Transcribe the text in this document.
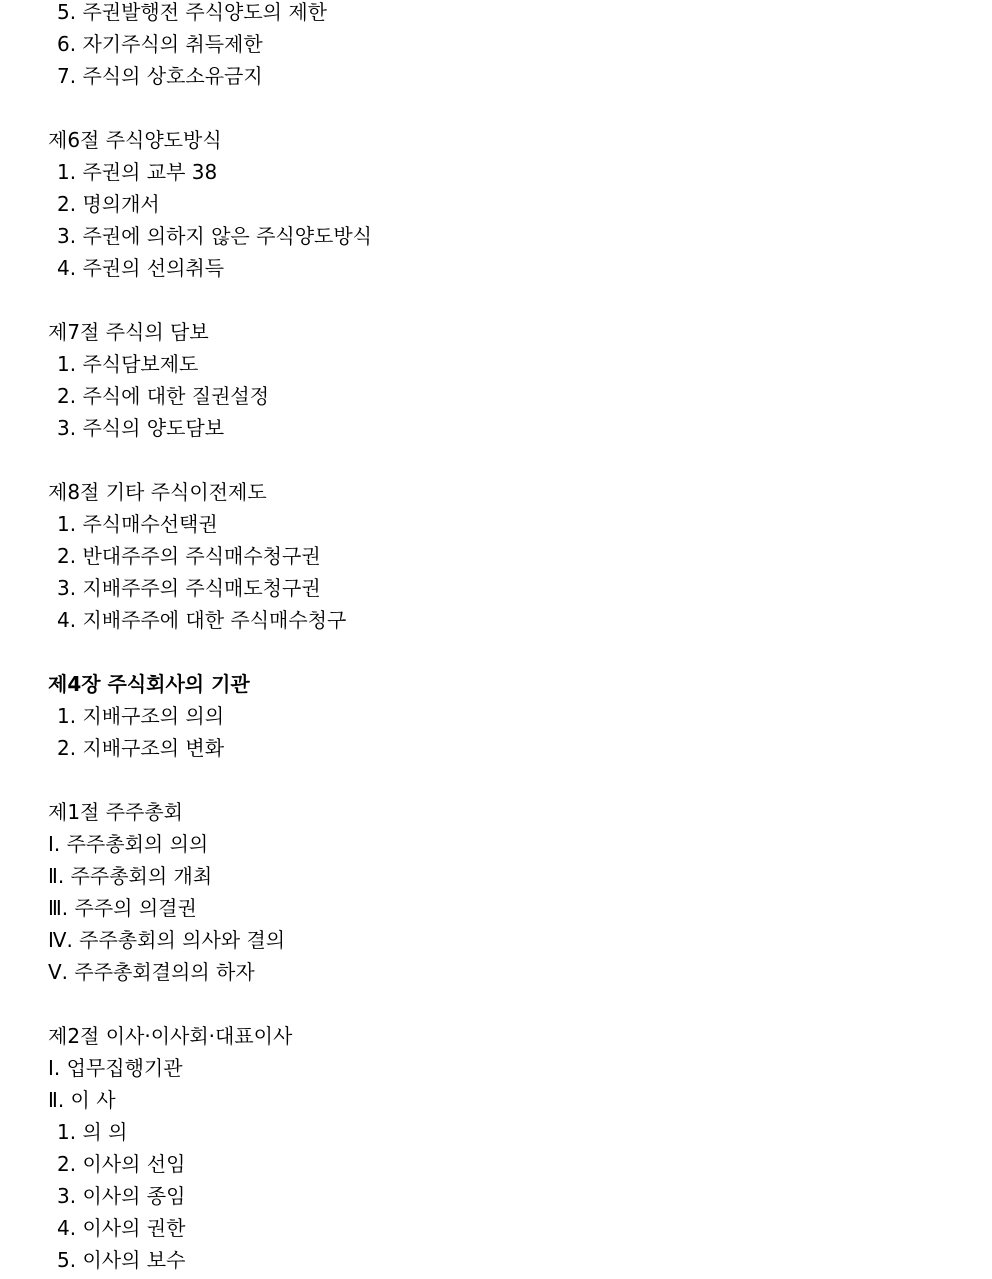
5. 주권발행전 주식양도의 제한
6. 자기주식의 취득제한
7. 주식의 상호소유금지
제6절 주식양도방식
1. 주권의 교부 38
2. 명의개서
3. 주권에 의하지 않은 주식양도방식
4. 주권의 선의취득
제7절 주식의 담보
1. 주식담보제도
2. 주식에 대한 질권설정
3. 주식의 양도담보
제8절 기타 주식이전제도
1. 주식매수선택권
2. 반대주주의 주식매수청구권
3. 지배주주의 주식매도청구권
4. 지배주주에 대한 주식매수청구
제4장 주식회사의 기관
1. 지배구조의 의의
2. 지배구조의 변화
제1절 주주총회
Ⅰ. 주주총회의 의의
Ⅱ. 주주총회의 개최
Ⅲ. 주주의 의결권
Ⅳ. 주주총회의 의사와 결의
Ⅴ. 주주총회결의의 하자
제2절 이사·이사회·대표이사
Ⅰ. 업무집행기관
Ⅱ. 이 사
1. 의 의
2. 이사의 선임
3. 이사의 종임
4. 이사의 권한
5. 이사의 보수
